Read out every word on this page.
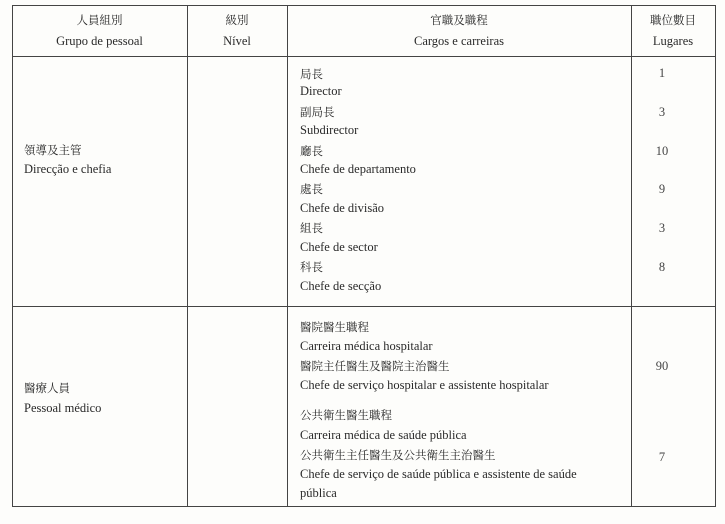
人員組別
Grupo de pessoal
級別
Nível
官職及職程
Cargos e carreiras
職位數目
Lugares
領導及主管
Direcção e chefia
局長
Director
1
副局長
Subdirector
3
廳長
Chefe de departamento
10
處長
Chefe de divisão
9
組長
Chefe de sector
3
科長
Chefe de secção
8
醫療人員
Pessoal médico
醫院醫生職程
Carreira médica hospitalar
醫院主任醫生及醫院主治醫生
Chefe de serviço hospitalar e assistente hospitalar
90
公共衛生醫生職程
Carreira médica de saúde pública
公共衛生主任醫生及公共衛生主治醫生
Chefe de serviço de saúde pública e assistente de saúde
pública
7
